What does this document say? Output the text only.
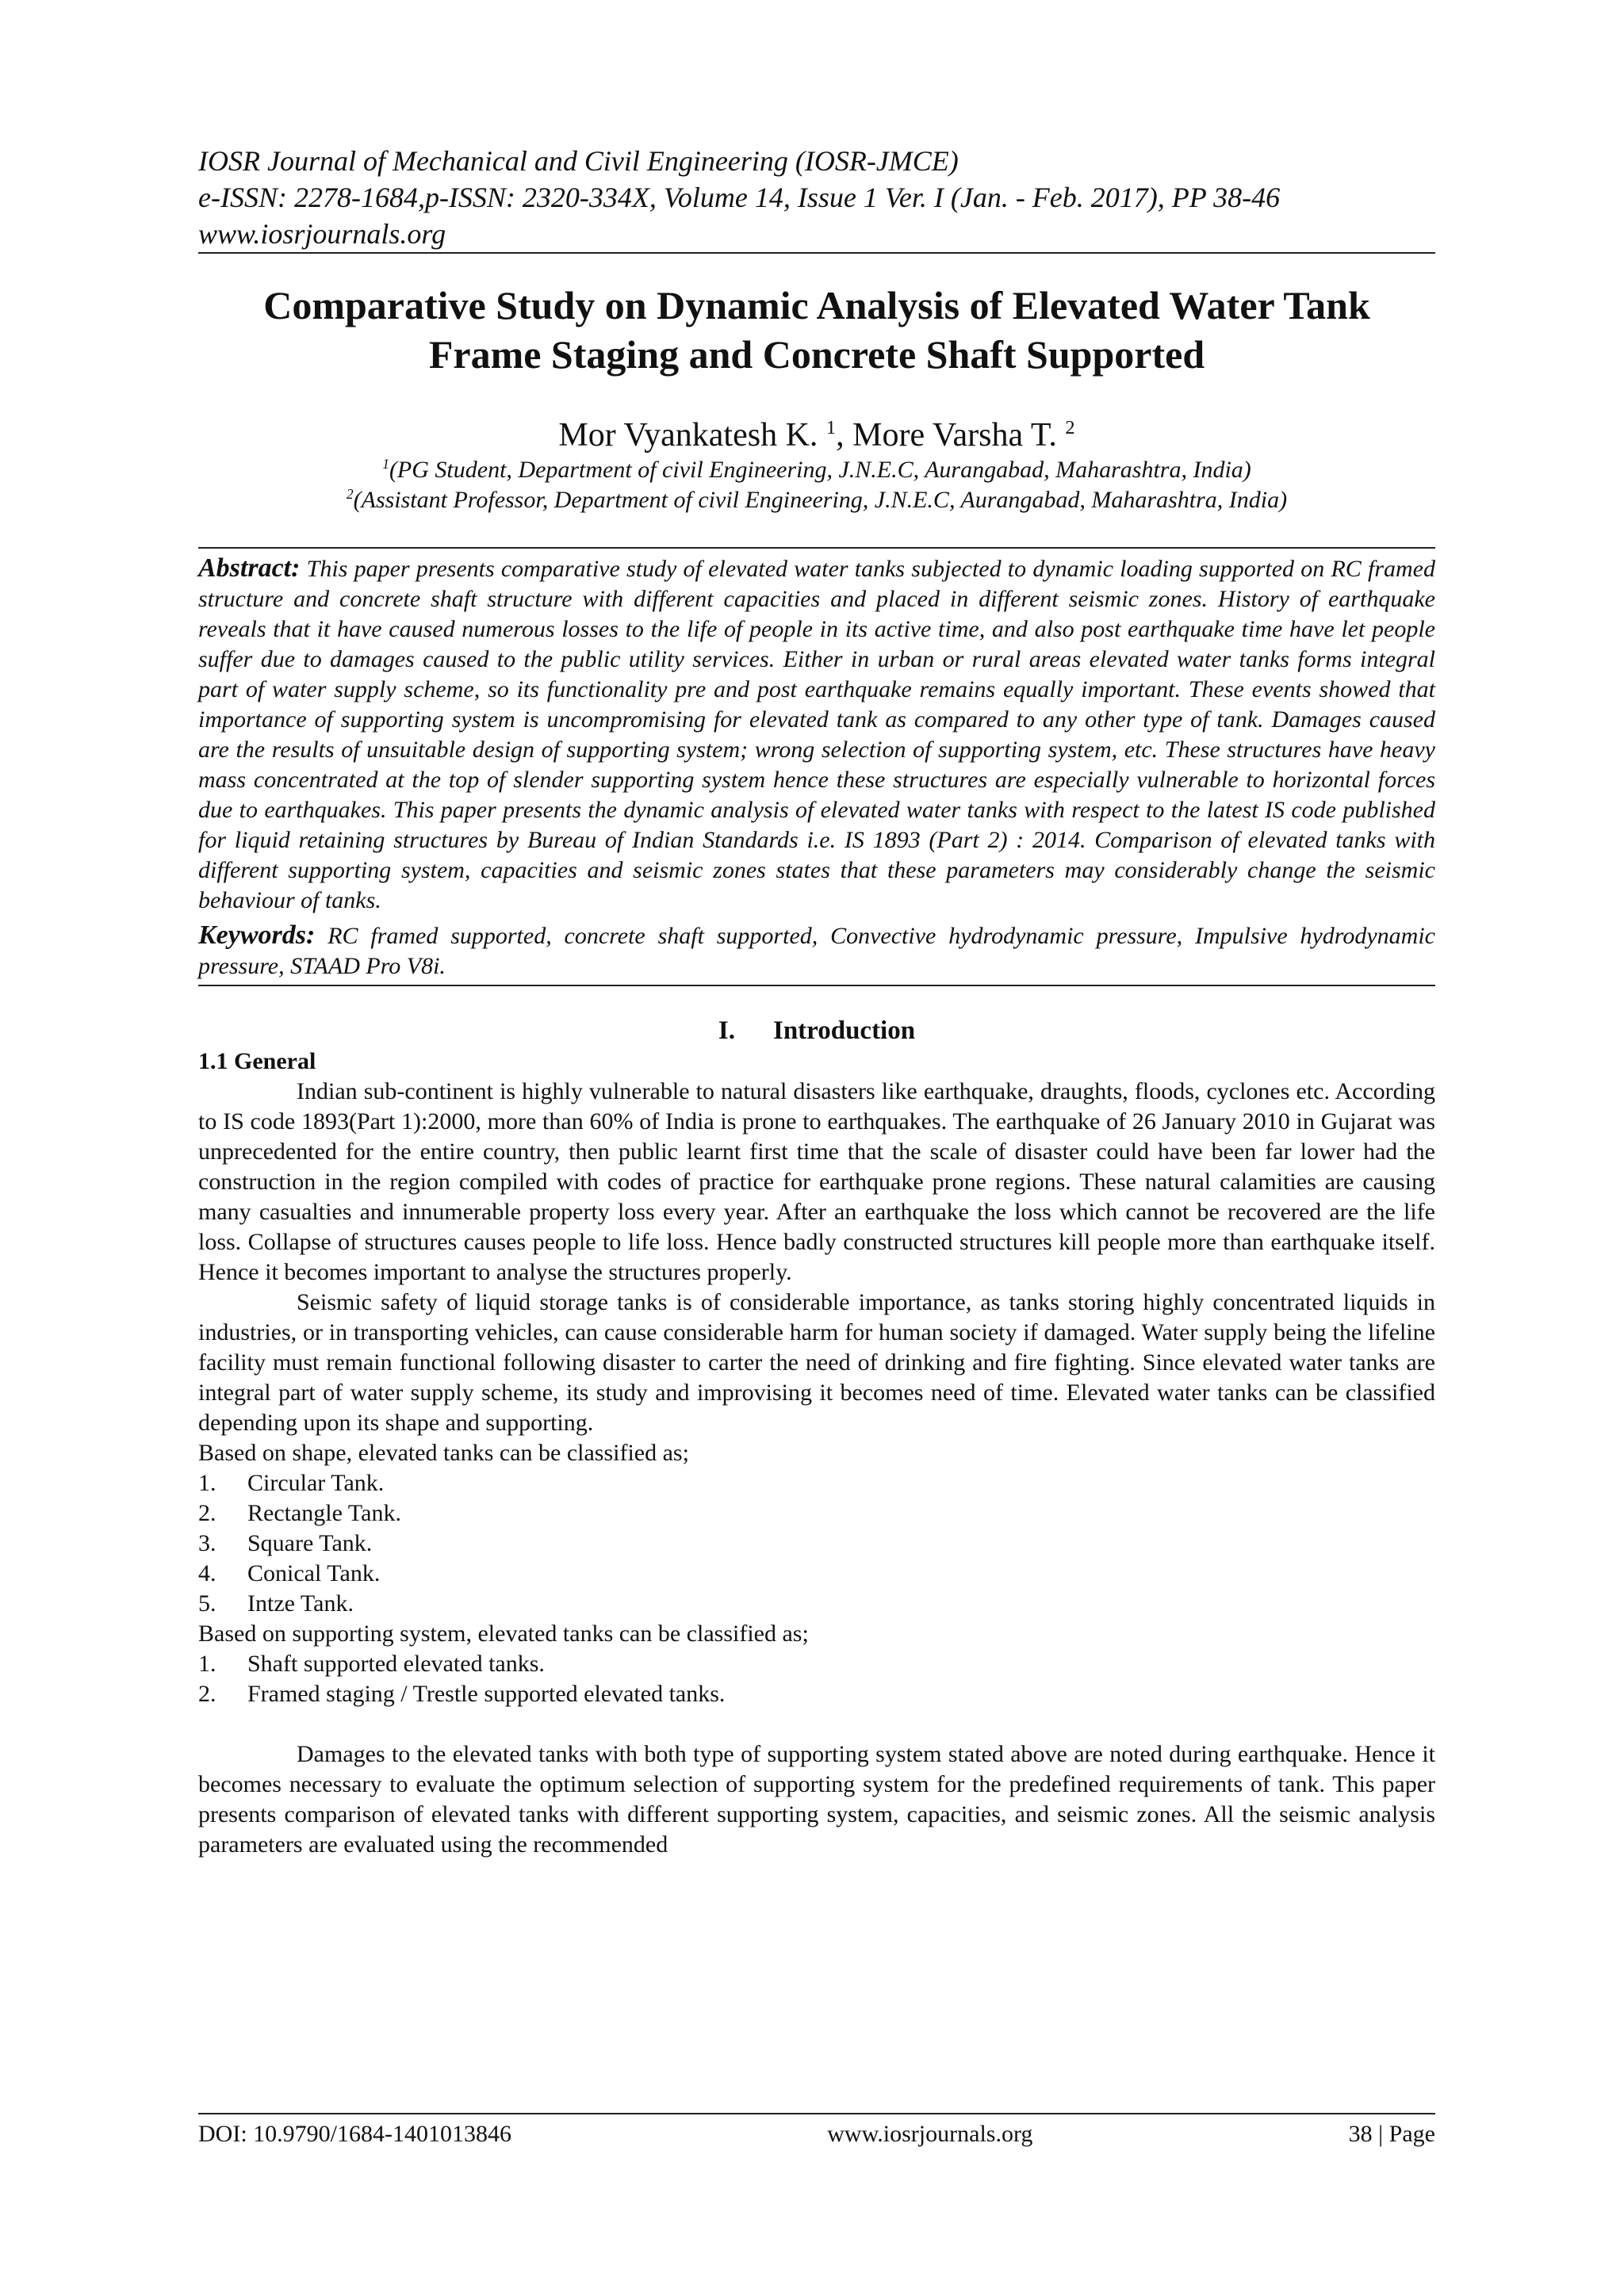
IOSR Journal of Mechanical and Civil Engineering (IOSR-JMCE)
e-ISSN: 2278-1684,p-ISSN: 2320-334X, Volume 14, Issue 1 Ver. I (Jan. - Feb. 2017), PP 38-46
www.iosrjournals.org
Comparative Study on Dynamic Analysis of Elevated Water Tank
Frame Staging and Concrete Shaft Supported
Mor Vyankatesh K. $^1$, More Varsha T. $^2$
$^1$(PG Student, Department of civil Engineering, J.N.E.C, Aurangabad, Maharashtra, India)
$^2$(Assistant Professor, Department of civil Engineering, J.N.E.C, Aurangabad, Maharashtra, India)
Abstract: This paper presents comparative study of elevated water tanks subjected to dynamic loading supported on RC framed structure and concrete shaft structure with different capacities and placed in different seismic zones. History of earthquake reveals that it have caused numerous losses to the life of people in its active time, and also post earthquake time have let people suffer due to damages caused to the public utility services. Either in urban or rural areas elevated water tanks forms integral part of water supply scheme, so its functionality pre and post earthquake remains equally important. These events showed that importance of supporting system is uncompromising for elevated tank as compared to any other type of tank. Damages caused are the results of unsuitable design of supporting system; wrong selection of supporting system, etc. These structures have heavy mass concentrated at the top of slender supporting system hence these structures are especially vulnerable to horizontal forces due to earthquakes. This paper presents the dynamic analysis of elevated water tanks with respect to the latest IS code published for liquid retaining structures by Bureau of Indian Standards i.e. IS 1893 (Part 2) : 2014. Comparison of elevated tanks with different supporting system, capacities and seismic zones states that these parameters may considerably change the seismic behaviour of tanks.
Keywords: RC framed supported, concrete shaft supported, Convective hydrodynamic pressure, Impulsive hydrodynamic pressure, STAAD Pro V8i.
I. Introduction
1.1 General
Indian sub-continent is highly vulnerable to natural disasters like earthquake, draughts, floods, cyclones etc. According to IS code 1893(Part 1):2000, more than 60% of India is prone to earthquakes. The earthquake of 26 January 2010 in Gujarat was unprecedented for the entire country, then public learnt first time that the scale of disaster could have been far lower had the construction in the region compiled with codes of practice for earthquake prone regions. These natural calamities are causing many casualties and innumerable property loss every year. After an earthquake the loss which cannot be recovered are the life loss. Collapse of structures causes people to life loss. Hence badly constructed structures kill people more than earthquake itself. Hence it becomes important to analyse the structures properly.
Seismic safety of liquid storage tanks is of considerable importance, as tanks storing highly concentrated liquids in industries, or in transporting vehicles, can cause considerable harm for human society if damaged. Water supply being the lifeline facility must remain functional following disaster to carter the need of drinking and fire fighting. Since elevated water tanks are integral part of water supply scheme, its study and improvising it becomes need of time. Elevated water tanks can be classified depending upon its shape and supporting.
Based on shape, elevated tanks can be classified as;
1. Circular Tank.
2. Rectangle Tank.
3. Square Tank.
4. Conical Tank.
5. Intze Tank.
Based on supporting system, elevated tanks can be classified as;
1. Shaft supported elevated tanks.
2. Framed staging / Trestle supported elevated tanks.
Damages to the elevated tanks with both type of supporting system stated above are noted during earthquake. Hence it becomes necessary to evaluate the optimum selection of supporting system for the predefined requirements of tank. This paper presents comparison of elevated tanks with different supporting system, capacities, and seismic zones. All the seismic analysis parameters are evaluated using the recommended
DOI: 10.9790/1684-1401013846	www.iosrjournals.org	38 | Page
